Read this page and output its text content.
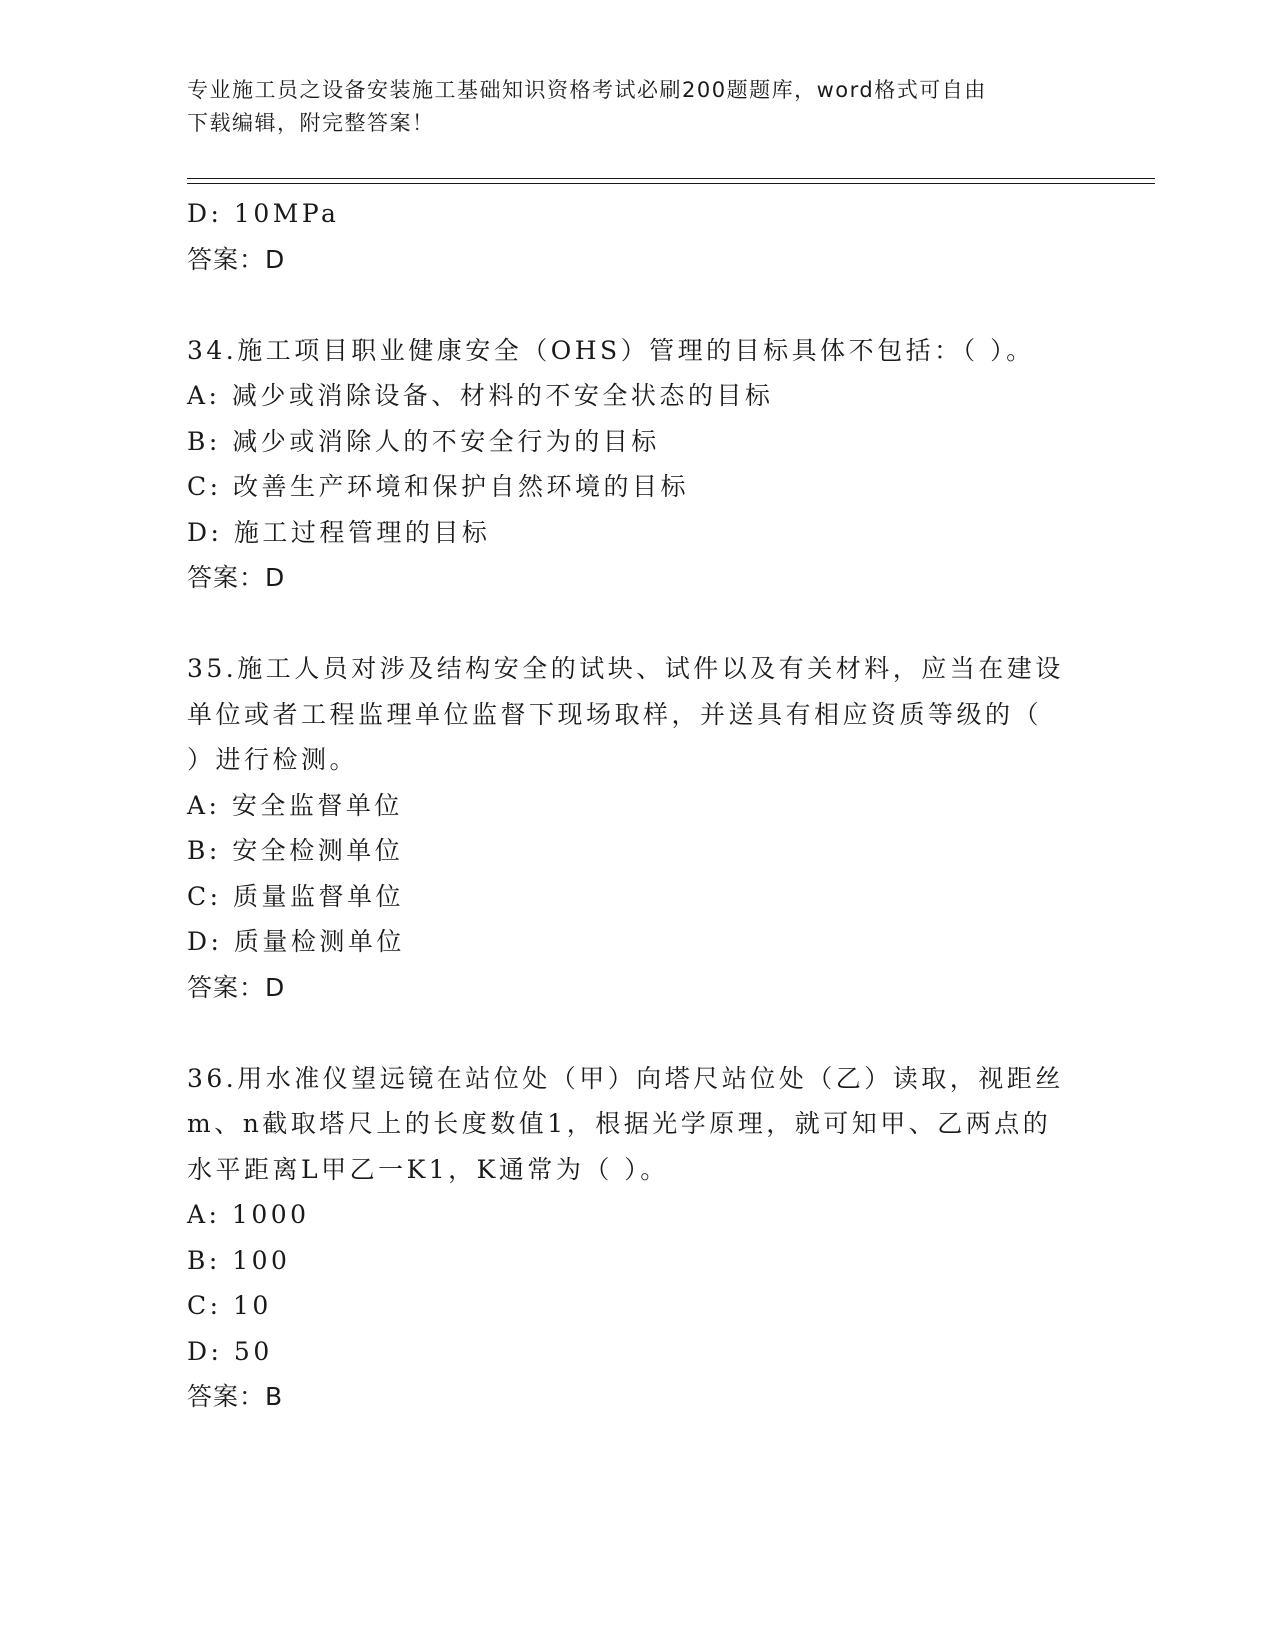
专业施工员之设备安装施工基础知识资格考试必刷200题题库，word格式可自由
下载编辑，附完整答案！
D: 10MPa
答案：D
34.施工项目职业健康安全（OHS）管理的目标具体不包括：（ ）。
A: 减少或消除设备、材料的不安全状态的目标
B: 减少或消除人的不安全行为的目标
C: 改善生产环境和保护自然环境的目标
D: 施工过程管理的目标
答案：D
35.施工人员对涉及结构安全的试块、试件以及有关材料，应当在建设
单位或者工程监理单位监督下现场取样，并送具有相应资质等级的（
）进行检测。
A: 安全监督单位
B: 安全检测单位
C: 质量监督单位
D: 质量检测单位
答案：D
36.用水准仪望远镜在站位处（甲）向塔尺站位处（乙）读取，视距丝
m、n截取塔尺上的长度数值1，根据光学原理，就可知甲、乙两点的
水平距离L甲乙一K1，K通常为（ ）。
A: 1000
B: 100
C: 10
D: 50
答案：B
